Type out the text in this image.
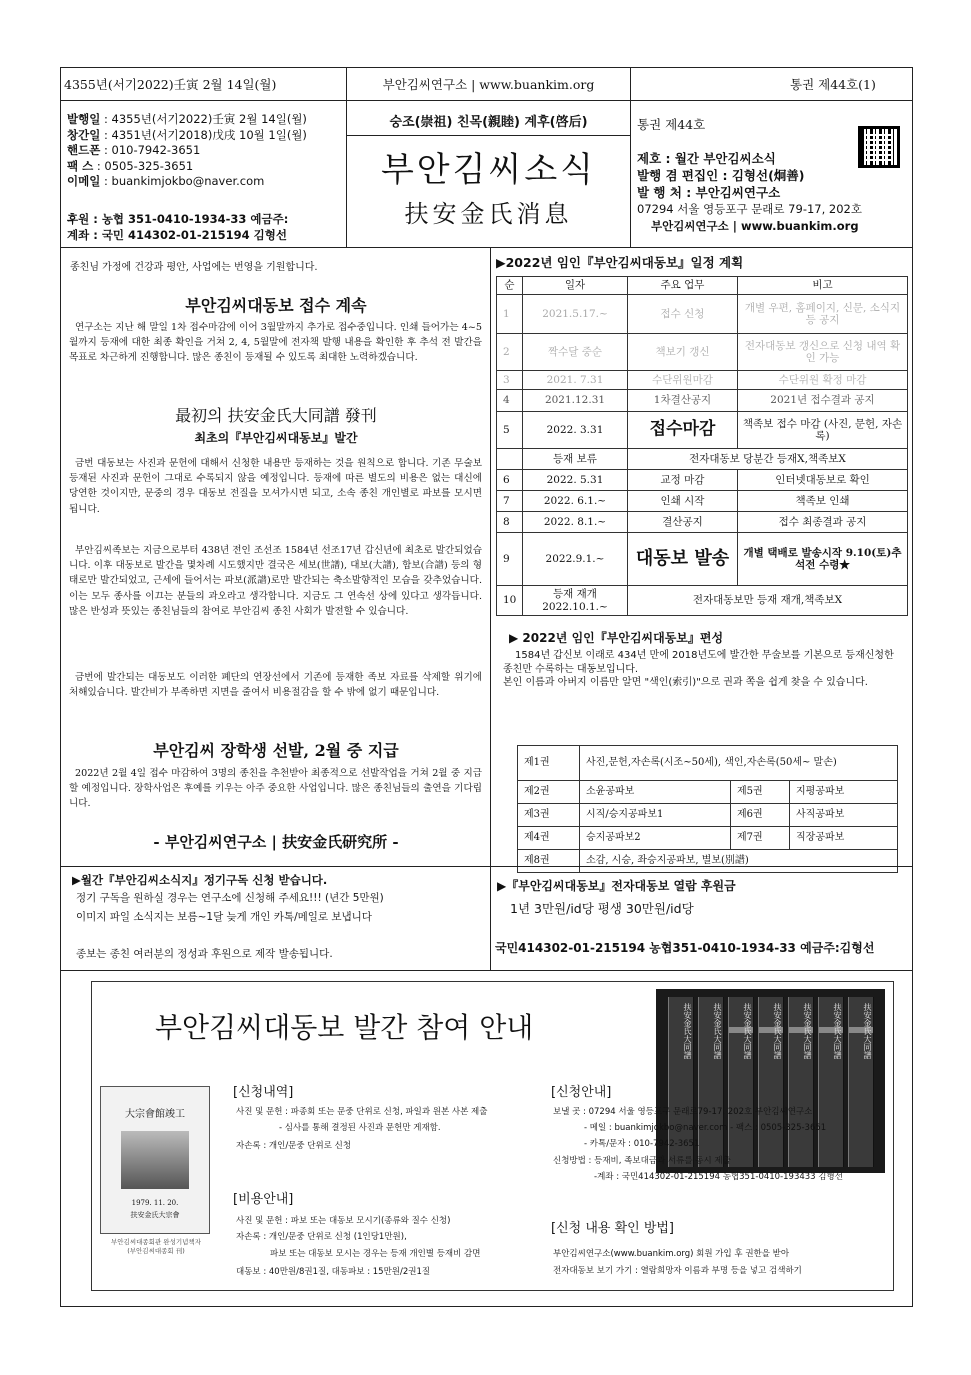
4355년(서기2022)壬寅 2월 14일(월)	부안김씨연구소 | www.buankim.org	통권 제44호(1)
발행일 : 4355년(서기2022)壬寅 2월 14일(월)
창간일 : 4351년(서기2018)戊戌 10월 1일(월)
핸드폰 : 010-7942-3651
팩 스 : 0505-325-3651
이메일 : buankimjokbo@naver.com
후원 : 농협 351-0410-1934-33 예금주:
계좌 : 국민 414302-01-215194 김형선
숭조(崇祖) 친목(親睦) 계후(啓后)
부안김씨소식
扶安金氏消息
통권 제44호
제호 : 월간 부안김씨소식
발행 겸 편집인 : 김형선(炯善)
발 행 처 : 부안김씨연구소
07294 서울 영등포구 문래로 79-17, 202호
부안김씨연구소 | www.buankim.org
종친님 가정에 건강과 평안, 사업에는 번영을 기원합니다.
부안김씨대동보 접수 계속
연구소는 지난 해 말일 1차 접수마감에 이어 3월말까지 추가로 접수중입니다. 인쇄 들어가는 4~5월까지 등재에 대한 최종 확인을 거쳐 2, 4, 5월말에 전자책 발행 내용을 확인한 후 추석 전 발간을 목표로 차근하게 진행합니다. 많은 종친이 등재될 수 있도록 최대한 노력하겠습니다.
最初의 扶安金氏大同譜 發刊
최초의『부안김씨대동보』발간
금번 대동보는 사진과 문헌에 대해서 신청한 내용만 등재하는 것을 원칙으로 합니다. 기존 무술보 등재된 사진과 문헌이 그대로 수록되지 않을 예정입니다. 등재에 따른 별도의 비용은 없는 대신에 당연한 것이지만, 문중의 경우 대동보 전질을 모셔가시면 되고, 소속 종친 개인별로 파보를 모시면 됩니다.
부안김씨족보는 지금으로부터 438년 전인 조선조 1584년 선조17년 갑신년에 최초로 발간되었습니다. 이후 대동보로 발간을 몇차례 시도했지만 결국은 세보(世譜), 대보(大譜), 합보(合譜) 등의 형태로만 발간되었고, 근세에 들어서는 파보(派譜)로만 발간되는 축소발향적인 모습을 갖추었습니다. 이는 모두 종사를 이끄는 분들의 과오라고 생각합니다. 지금도 그 연속선 상에 있다고 생각듭니다. 많은 반성과 뜻있는 종친님들의 참여로 부안김씨 종친 사회가 발전할 수 있습니다.
금번에 발간되는 대동보도 이러한 폐단의 연장선에서 기존에 등재한 족보 자료를 삭제할 위기에 처해있습니다. 발간비가 부족하면 지면을 줄여서 비용절감을 할 수 밖에 없기 때문입니다.
부안김씨 장학생 선발, 2월 중 지급
2022년 2월 4일 접수 마감하여 3명의 종친을 추천받아 최종적으로 선발작업을 거쳐 2월 중 지급할 예정입니다. 장학사업은 후예를 키우는 아주 중요한 사업입니다. 많은 종친님들의 출연을 기다립니다.
- 부안김씨연구소 | 扶安金氏研究所 -
▶2022년 임인『부안김씨대동보』일정 계획
순	일자	주요 업무	비고
1	2021.5.17.~	접수 신청	개별 우편, 홈페이지, 신문, 소식지 등 공지
2	짝수달 중순	책보기 갱신	전자대동보 갱신으로 신청 내역 확인 가능
3	2021. 7.31	수단위원마감	수단위원 확정 마감
4	2021.12.31	1차결산공지	2021년 접수결과 공지
5	2022. 3.31	접수마감	책족보 접수 마감 (사진, 문헌, 자손록)
	등재 보류	전자대동보 당분간 등재X,책족보X	
6	2022. 5.31	교정 마감	인터넷대동보로 확인
7	2022. 6.1.~	인쇄 시작	책족보 인쇄
8	2022. 8.1.~	결산공지	접수 최종결과 공지
9	2022.9.1.~	대동보 발송	개별 택배로 발송시작 9.10(토)추석전 수령★
10	등재 재개 2022.10.1.~	전자대동보만 등재 재개,책족보X	
▶ 2022년 임인『부안김씨대동보』편성
1584년 갑신보 이래로 434년 만에 2018년도에 발간한 무술보를 기본으로 등재신청한 종친만 수록하는 대동보입니다.
본인 이름과 아버지 이름만 알면 "색인(索引)"으로 권과 쪽을 쉽게 찾을 수 있습니다.
제1권	사진,문헌,자손록(시조~50세), 색인,자손록(50세~ 말손)		
제2권	소윤공파보	제5권	지평공파보
제3권	시직/승지공파보1	제6권	사직공파보
제4권	승지공파보2	제7권	직장공파보
제8권	소감, 시승, 좌승지공파보, 별보(別譜)		
▶월간『부안김씨소식지』정기구독 신청 받습니다.
정기 구독을 원하실 경우는 연구소에 신청해 주세요!!! (년간 5만원)
이미지 파일 소식지는 보름~1달 늦게 개인 카톡/메일로 보냅니다
종보는 종친 여러분의 정성과 후원으로 제작 발송됩니다.
▶『부안김씨대동보』전자대동보 열람 후원금
1년 3만원/id당 평생 30만원/id당
국민414302-01-215194 농협351-0410-1934-33 예금주:김형선
부안김씨대동보 발간 참여 안내	扶安金氏大同譜	扶安金氏大同譜	扶安金氏大同譜	扶安金氏大同譜	扶安金氏大同譜	扶安金氏大同譜	扶安金氏大同譜
大宗會館竣工
1979. 11. 20.
扶安金氏大宗會
부안김씨대종회관 완성기념책자
(부안김씨대종회 刊)
[신청내역]
사진 및 문헌 : 파종회 또는 문중 단위로 신청, 파일과 원본 사본 제출
- 심사를 통해 결정된 사진과 문헌만 게재함.
자손록 : 개인/문중 단위로 신청
[비용안내]
사진 및 문헌 : 파보 또는 대동보 모시기(종류와 질수 신청)
자손록 : 개인/문중 단위로 신청 (1인당1만원),
파보 또는 대동보 모시는 경우는 등재 개인별 등재비 감면
대동보 : 40만원/8권1질, 대동파보 : 15만원/2권1질
[신청안내]
보낼 곳 : 07294 서울 영등포구 문래로79-17, 202호 부안김씨연구소
- 메일 : buankimjokbo@naver.com - 팩스 : 0505-325-3651
- 카톡/문자 : 010-7942-3651
신청방법 : 등재비, 족보대금과 서류를 동시 제출
-계좌 : 국민414302-01-215194 농협351-0410-193433 김형선
[신청 내용 확인 방법]
부안김씨연구소(www.buankim.org) 회원 가입 후 권한을 받아
전자대동보 보기 가기 : 열람희망자 이름과 부명 등을 넣고 검색하기
